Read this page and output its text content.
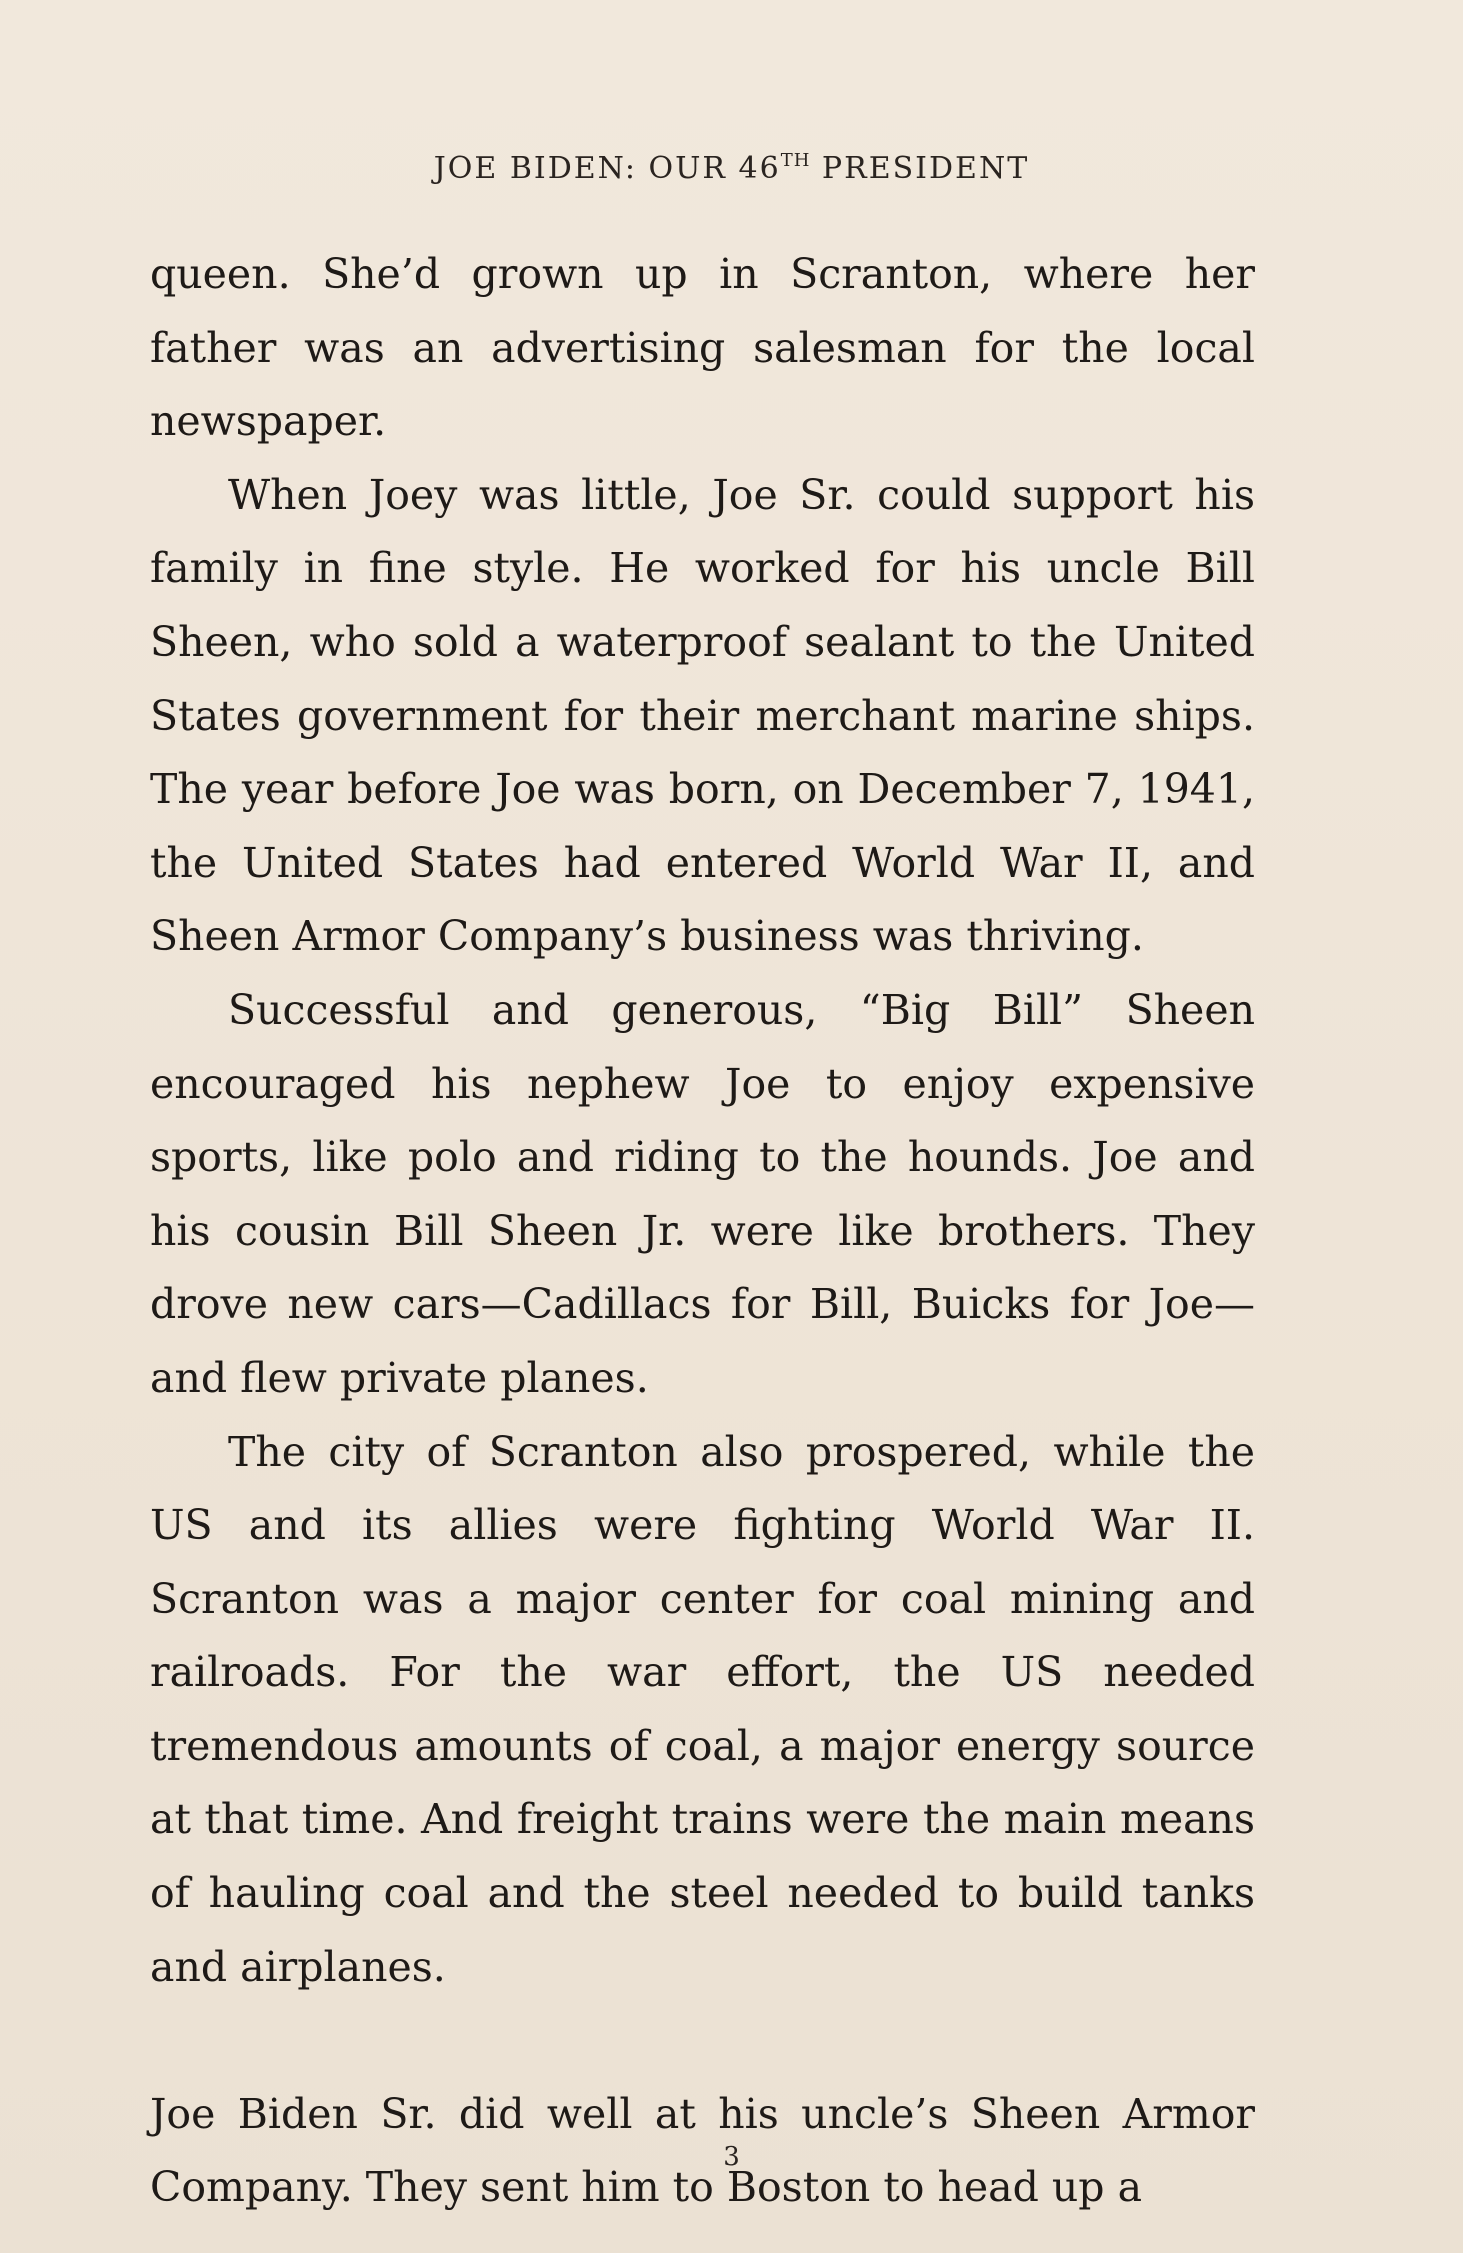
JOE BIDEN: OUR 46TH PRESIDENT

queen. She’d grown up in Scranton, where her father was an advertising salesman for the local newspaper.

When Joey was little, Joe Sr. could support his family in fine style. He worked for his uncle Bill Sheen, who sold a waterproof sealant to the United States government for their merchant marine ships. The year before Joe was born, on December 7, 1941, the United States had entered World War II, and Sheen Armor Company’s business was thriving.

Successful and generous, “Big Bill” Sheen encouraged his nephew Joe to enjoy expensive sports, like polo and riding to the hounds. Joe and his cousin Bill Sheen Jr. were like brothers. They drove new cars—Cadillacs for Bill, Buicks for Joe—and flew private planes.

The city of Scranton also prospered, while the US and its allies were fighting World War II. Scranton was a major center for coal mining and railroads. For the war effort, the US needed tremendous amounts of coal, a major energy source at that time. And freight trains were the main means of hauling coal and the steel needed to build tanks and airplanes.

Joe Biden Sr. did well at his uncle’s Sheen Armor Company. They sent him to Boston to head up a

3
